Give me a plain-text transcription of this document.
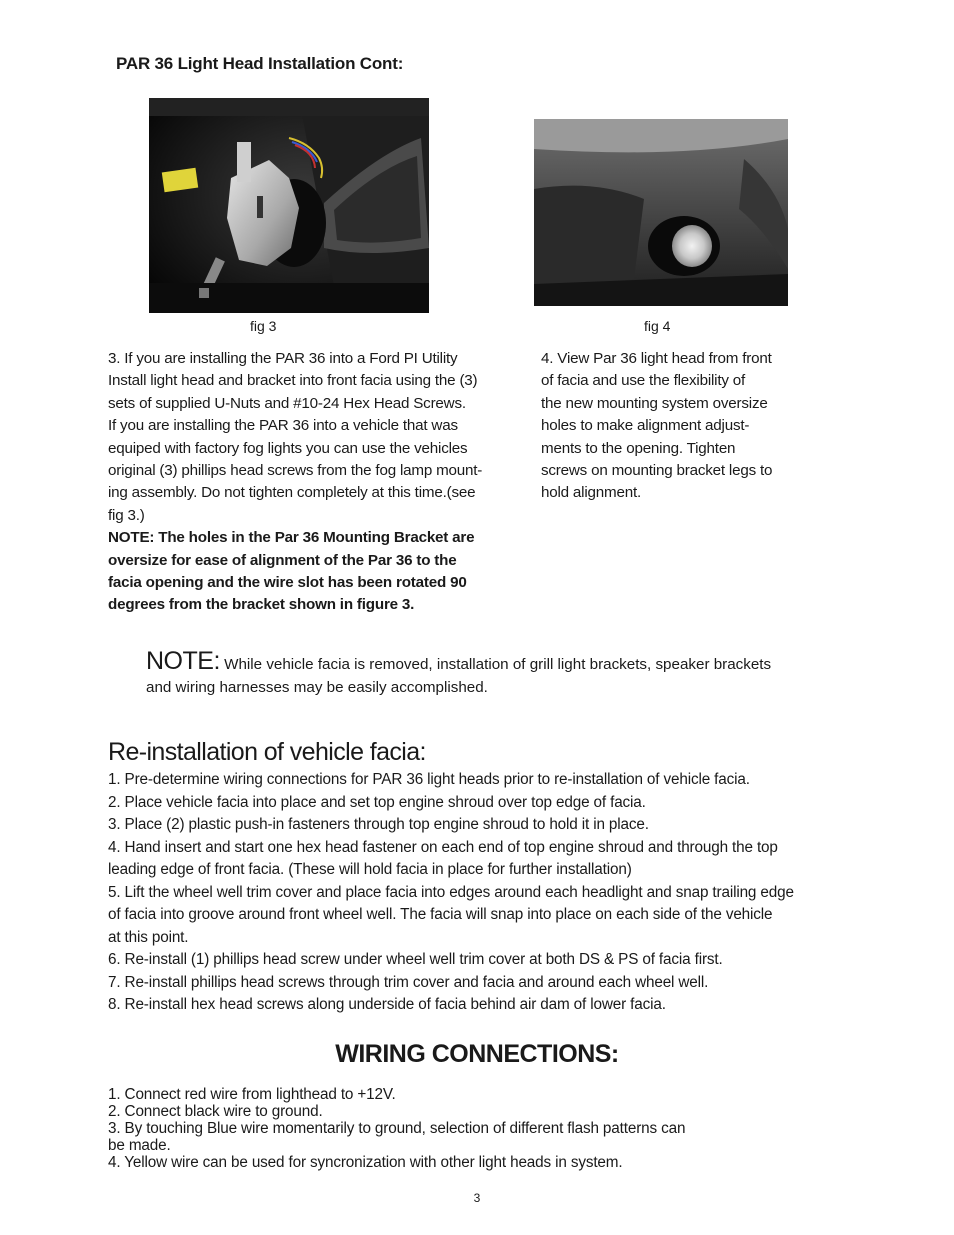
PAR 36 Light Head Installation Cont:
fig 3	fig 4

3. If you are installing the PAR 36 into a Ford PI Utility

Install light head and bracket into front facia using the (3)

sets of supplied U-Nuts and #10-24 Hex Head Screws.

If you are installing the PAR 36 into a vehicle that was

equiped with factory fog lights you can use the vehicles

original (3) phillips head screws from the fog lamp mount-

ing assembly. Do not tighten completely at this time.(see

fig 3.)

NOTE: The holes in the Par 36 Mounting Bracket are

oversize for ease of alignment of the Par 36 to the

facia opening and the wire slot has been rotated 90

degrees from the bracket shown in figure 3.

4. View Par 36 light head from front

of facia and use the flexibility of

the new mounting system oversize

holes to make alignment adjust-

ments to the opening. Tighten

screws on mounting bracket legs to

hold alignment.

NOTE: While vehicle facia is removed, installation of grill light brackets, speaker brackets
and wiring harnesses may be easily accomplished.
Re-installation of vehicle facia:

1. Pre-determine wiring connections for PAR 36 light heads prior to re-installation of vehicle facia.

2. Place vehicle facia into place and set top engine shroud over top edge of facia.

3. Place (2) plastic push-in fasteners through top engine shroud to hold it in place.

4. Hand insert and start one hex head fastener on each end of top engine shroud and through the top

leading edge of front facia. (These will hold facia in place for further installation)

5. Lift the wheel well trim cover and place facia into edges around each headlight and snap trailing edge

of facia into groove around front wheel well. The facia will snap into place on each side of the vehicle

at this point.

6. Re-install (1) phillips head screw under wheel well trim cover at both DS & PS of facia first.

7. Re-install phillips head screws through trim cover and facia and around each wheel well.

8. Re-install hex head screws along underside of facia behind air dam of lower facia.

WIRING CONNECTIONS:

1. Connect red wire from lighthead to +12V.

2. Connect black wire to ground.

3. By touching Blue wire momentarily to ground, selection of different flash patterns can

be made.

4. Yellow wire can be used for syncronization with other light heads in system.

3
